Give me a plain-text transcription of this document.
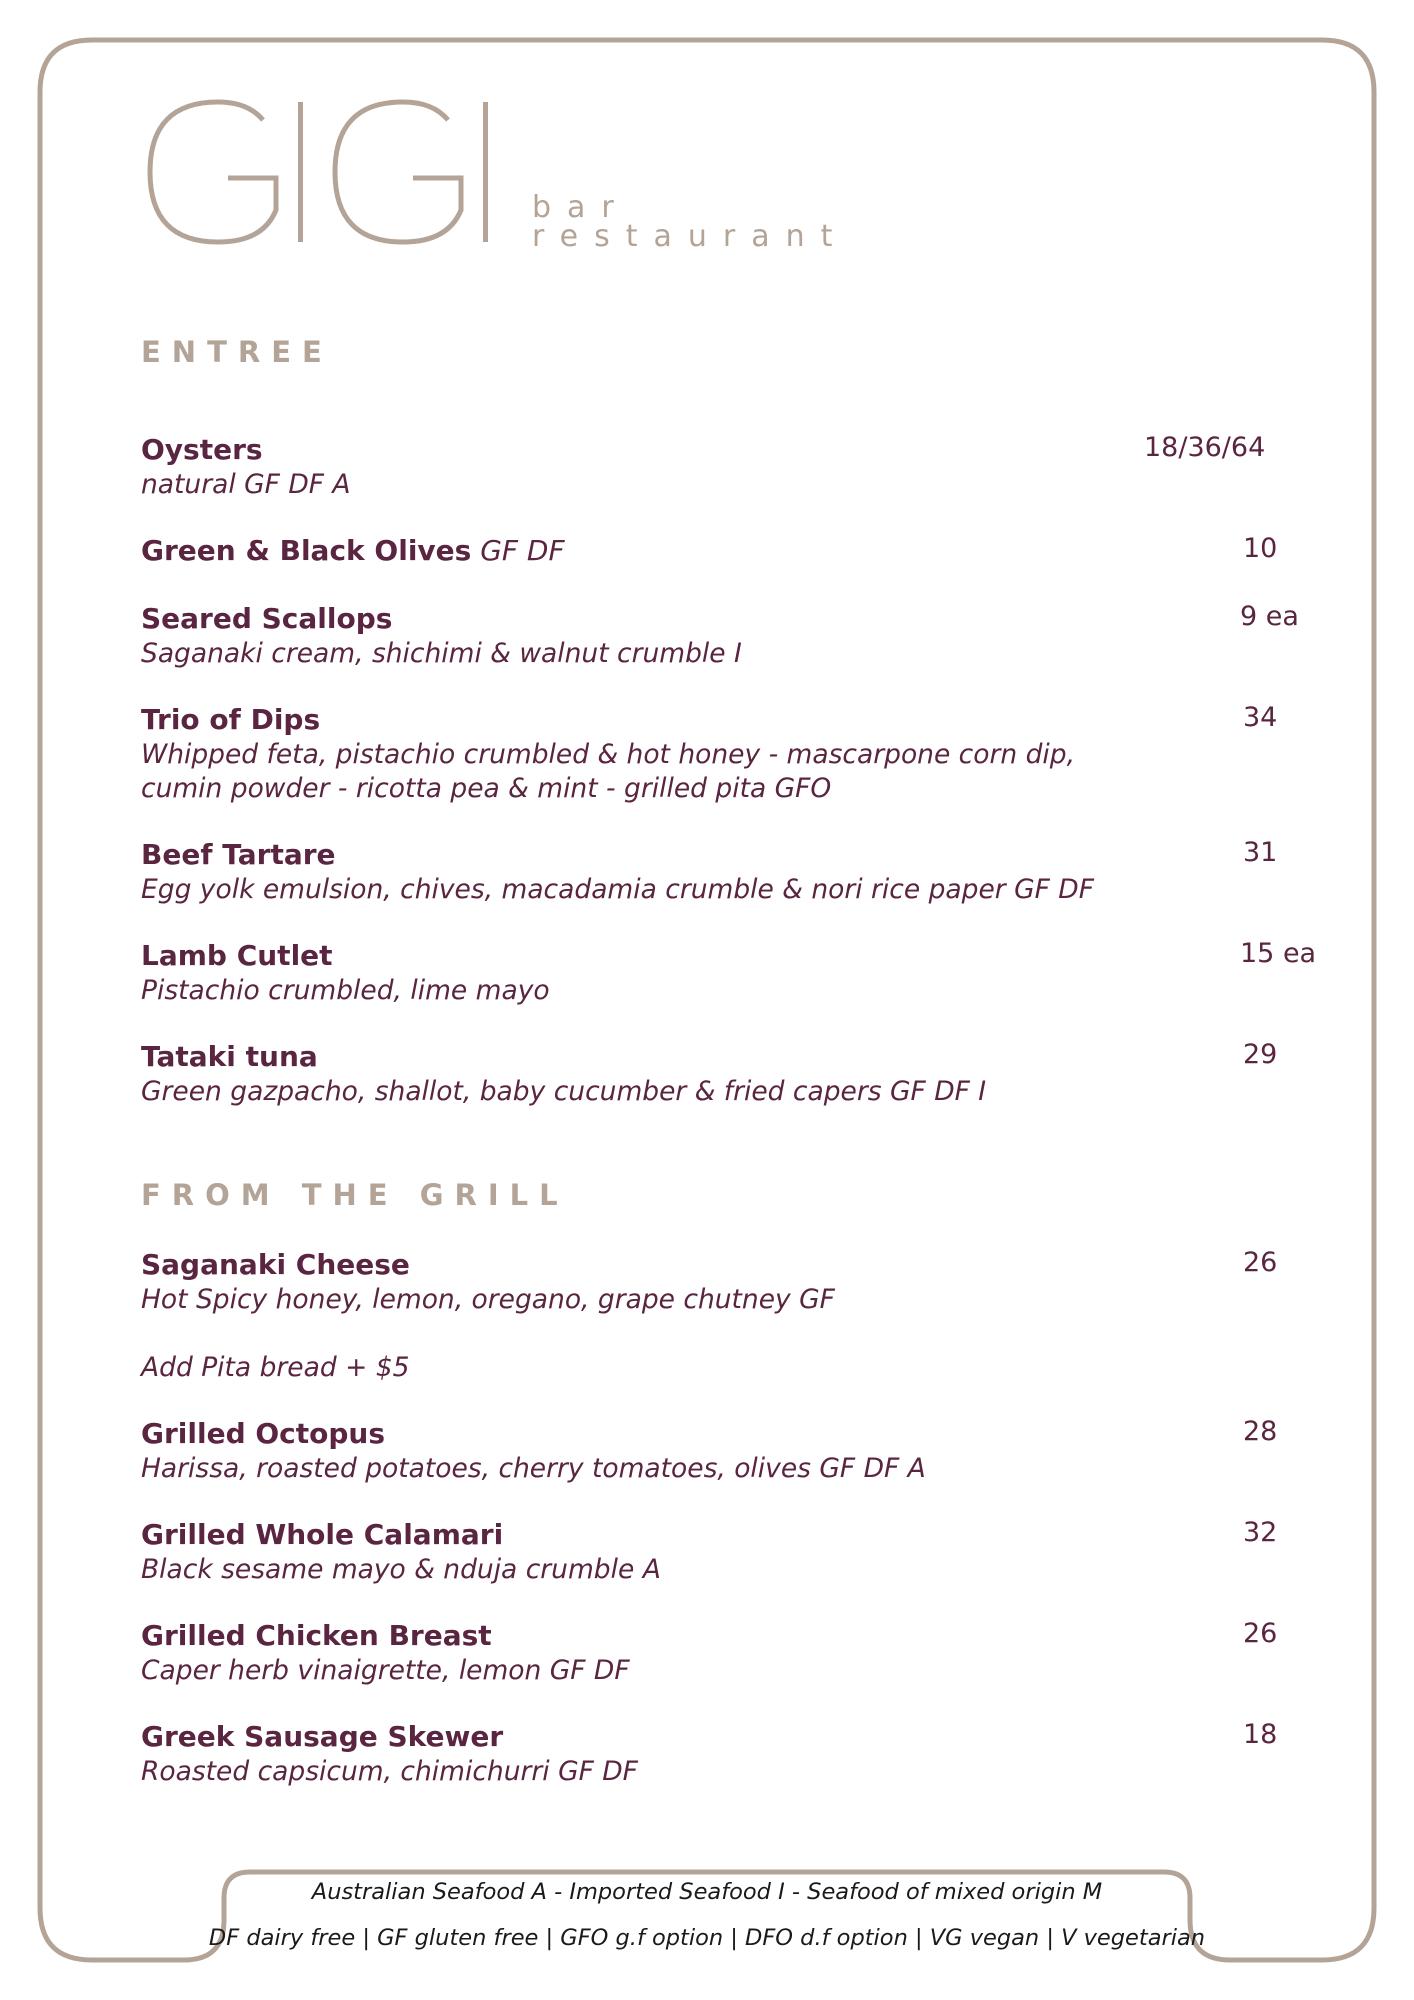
bar
restaurant
ENTREE
Oysters
natural GF DF A
18/36/64
Green & Black Olives GF DF	10
Seared Scallops
Saganaki cream, shichimi & walnut crumble I
9 ea
Trio of Dips
Whipped feta, pistachio crumbled & hot honey - mascarpone corn dip,
cumin powder - ricotta pea & mint - grilled pita GFO
34
Beef Tartare
Egg yolk emulsion, chives, macadamia crumble & nori rice paper GF DF
31
Lamb Cutlet
Pistachio crumbled, lime mayo
15 ea
Tataki tuna
Green gazpacho, shallot, baby cucumber & fried capers GF DF I
29
FROM THE GRILL
Saganaki Cheese
Hot Spicy honey, lemon, oregano, grape chutney GF
26
Add Pita bread + $5
Grilled Octopus
Harissa, roasted potatoes, cherry tomatoes, olives GF DF A
28
Grilled Whole Calamari
Black sesame mayo & nduja crumble A
32
Grilled Chicken Breast
Caper herb vinaigrette, lemon GF DF
26
Greek Sausage Skewer
Roasted capsicum, chimichurri GF DF
18
Australian Seafood A - Imported Seafood I - Seafood of mixed origin M
DF dairy free | GF gluten free | GFO g.f option | DFO d.f option | VG vegan | V vegetarian
